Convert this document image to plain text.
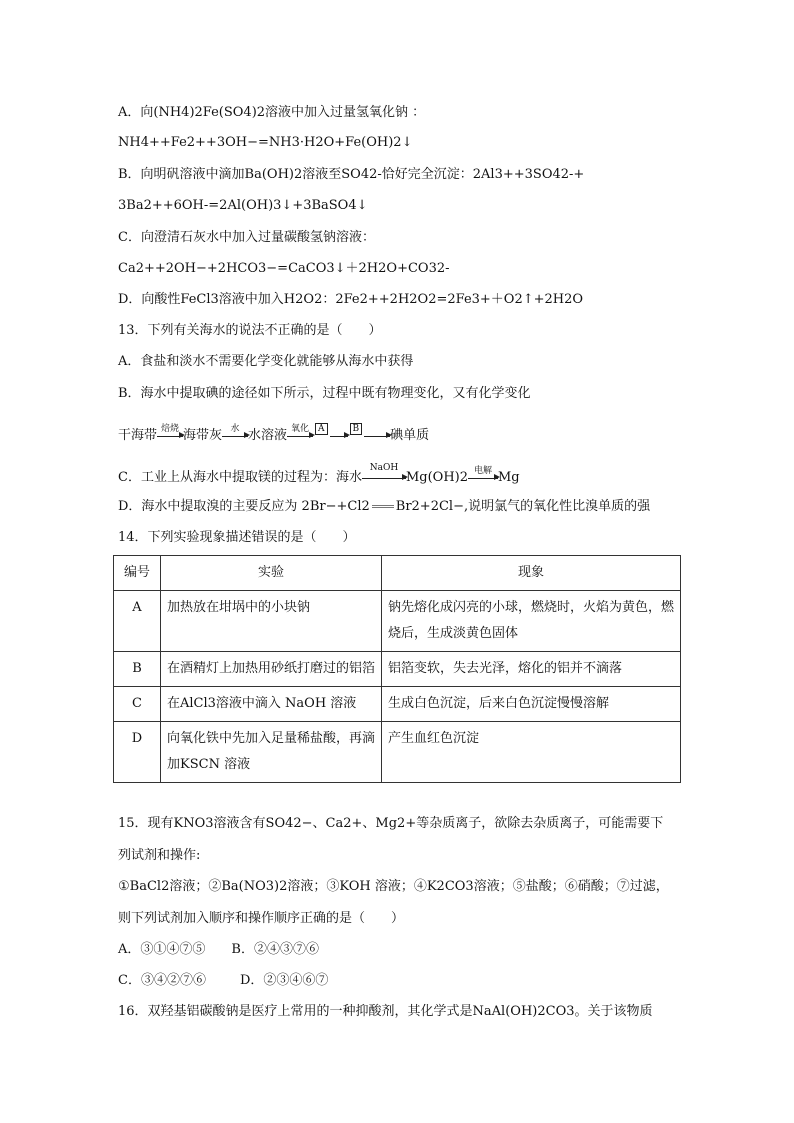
A．向(NH4)2Fe(SO4)2溶液中加入过量氢氧化钠 ：
NH4++Fe2++3OH−=NH3·H2O+Fe(OH)2↓
B．向明矾溶液中滴加Ba(OH)2溶液至SO42-恰好完全沉淀：2Al3++3SO42-+
3Ba2++6OH-=2Al(OH)3↓+3BaSO4↓
C．向澄清石灰水中加入过量碳酸氢钠溶液：
Ca2++2OH−+2HCO3−=CaCO3↓＋2H2O+CO32-
D．向酸性FeCl3溶液中加入H2O2：2Fe2++2H2O2=2Fe3+＋O2↑+2H2O
13．下列有关海水的说法不正确的是（　　）
A．食盐和淡水不需要化学变化就能够从海水中获得
B．海水中提取碘的途径如下所示，过程中既有物理变化，又有化学变化
干海带 焙烧 海带灰 水 水溶液 氧化	A	B 碘单质
C．工业上从海水中提取镁的过程为：海水
NaOH
Mg(OH)2 电解 Mg
D．海水中提取溴的主要反应为 2Br−+Cl2 Br2+2Cl−,说明氯气的氧化性比溴单质的强
14．下列实验现象描述错误的是（　　）
编号	实验	现象
A	加热放在坩埚中的小块钠	钠先熔化成闪亮的小球，燃烧时，火焰为黄色，燃烧后，生成淡黄色固体
B	在酒精灯上加热用砂纸打磨过的铝箔	铝箔变软，失去光泽，熔化的铝并不滴落
C	在AlCl3溶液中滴入 NaOH 溶液	生成白色沉淀，后来白色沉淀慢慢溶解
D	向氧化铁中先加入足量稀盐酸，再滴加KSCN 溶液	产生血红色沉淀
15．现有KNO3溶液含有SO42−、Ca2+、Mg2+等杂质离子，欲除去杂质离子，可能需要下
列试剂和操作:
①BaCl2溶液；②Ba(NO3)2溶液；③KOH 溶液；④K2CO3溶液；⑤盐酸；⑥硝酸；⑦过滤，
则下列试剂加入顺序和操作顺序正确的是（　　）
A．③①④⑦⑤ B．②④③⑦⑥
C．③④②⑦⑥	D．②③④⑥⑦
16．双羟基铝碳酸钠是医疗上常用的一种抑酸剂，其化学式是NaAl(OH)2CO3。关于该物质
